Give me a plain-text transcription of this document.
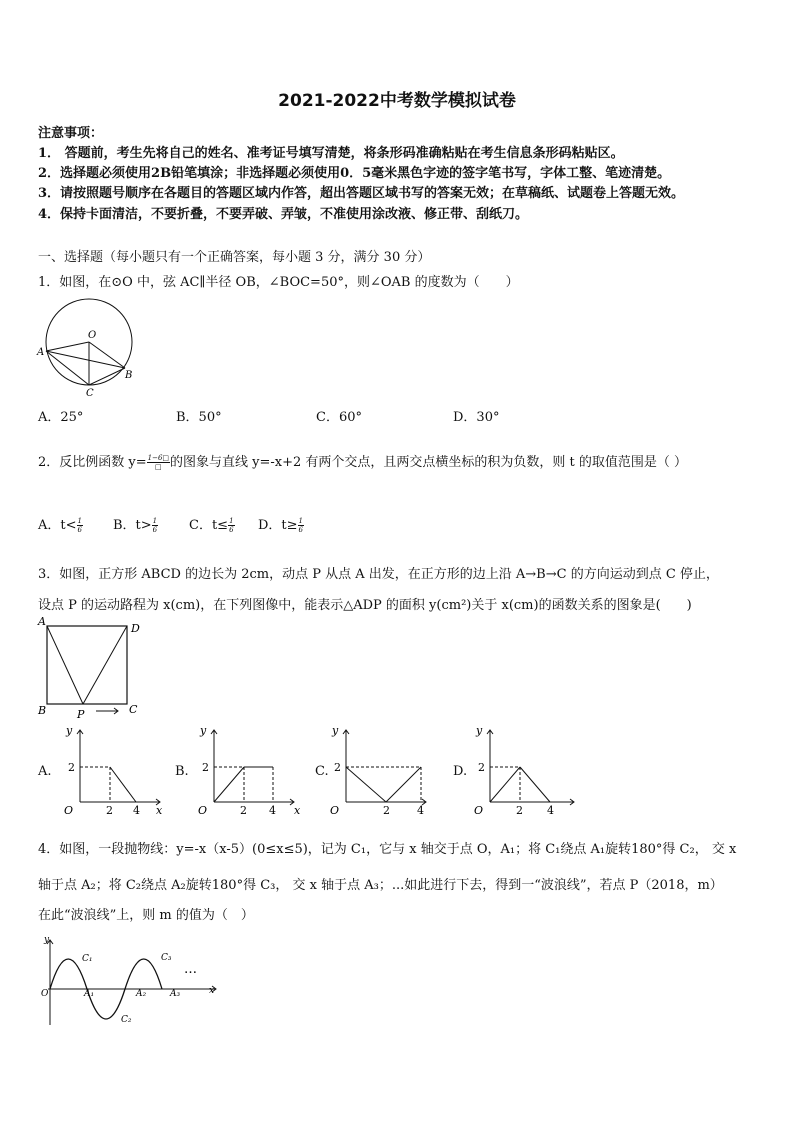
2021-2022中考数学模拟试卷
注意事项：
1． 答题前，考生先将自己的姓名、准考证号填写清楚，将条形码准确粘贴在考生信息条形码粘贴区。
2．选择题必须使用2B铅笔填涂；非选择题必须使用0．5毫米黑色字迹的签字笔书写，字体工整、笔迹清楚。
3．请按照题号顺序在各题目的答题区域内作答，超出答题区域书写的答案无效；在草稿纸、试题卷上答题无效。
4．保持卡面清洁，不要折叠，不要弄破、弄皱，不准使用涂改液、修正带、刮纸刀。
一、选择题（每小题只有一个正确答案，每小题 3 分，满分 30 分）
1．如图，在⊙O 中，弦 AC∥半径 OB，∠BOC=50°，则∠OAB 的度数为（　　）
O
A
B
C
A．25°	B．50°	C．60°	D．30°
2．反比例函数 $y= \frac{1-6□}{□}$ 的图象与直线 y=-x+2 有两个交点，且两交点横坐标的积为负数，则 t 的取值范围是（ ）
A．$t< \frac{1}{6}$ B．$t> \frac{1}{6}$ C．$t\le \frac{1}{6}$ D．$t\ge \frac{1}{6}$
3．如图，正方形 ABCD 的边长为 2cm，动点 P 从点 A 出发，在正方形的边上沿 A→B→C 的方向运动到点 C 停止，
设点 P 的运动路程为 x(cm)，在下列图像中，能表示△ADP 的面积 y(cm²)关于 x(cm)的函数关系的图象是(　　)
A
D
B	C
P
A.
y
2
O	2 4 x
B.
y
2
O	2 4 x
C.
y
2
O	2 4
D.
y
2
O	2 4
4．如图，一段抛物线：y=-x（x-5）(0≤x≤5)，记为 C₁，它与 x 轴交于点 O，A₁；将 C₁绕点 A₁旋转180°得 C₂， 交 x
轴于点 A₂；将 C₂绕点 A₂旋转180°得 C₃， 交 x 轴于点 A₃；...如此进行下去，得到一“波浪线”，若点 P（2018，m）
在此“波浪线”上，则 m 的值为（　）
y
x
O	A₁	A₂	A₃
C₁
C₂
C₃
…
